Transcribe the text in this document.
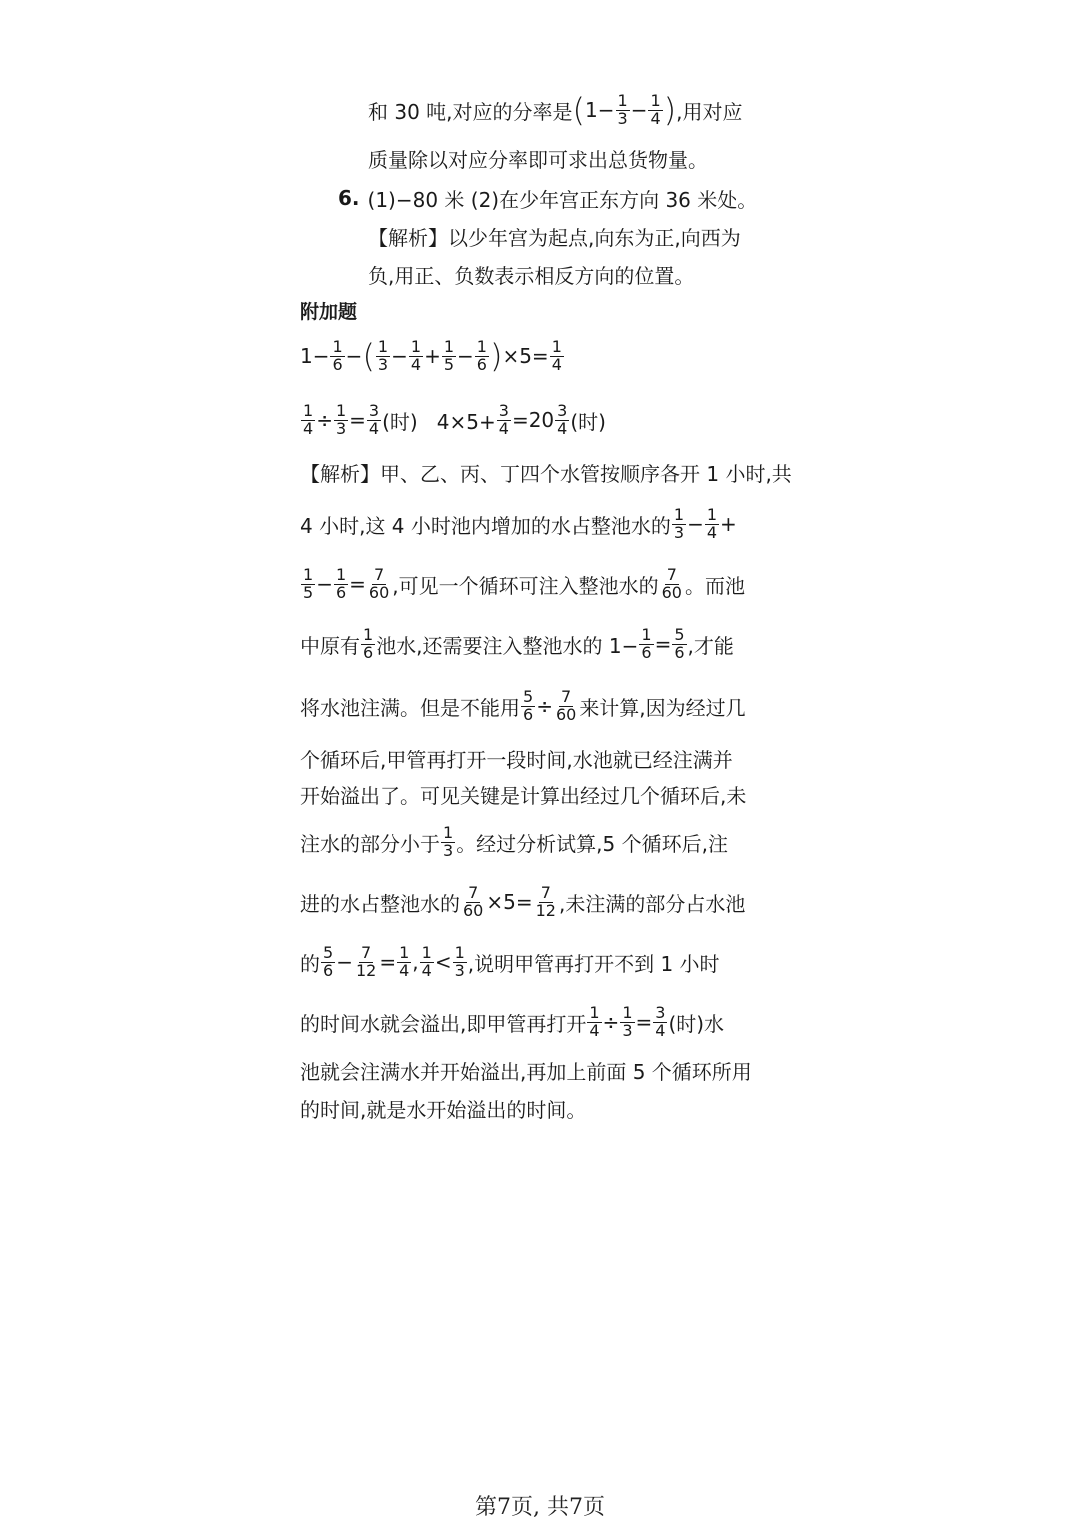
和 30 吨,对应的分率是 ( $1- \frac{1}{3} - \frac{1}{4}$ ) ,用对应
质量除以对应分率即可求出总货物量。
6. (1)−80 米 (2)在少年宫正东方向 36 米处。
【解析】以少年宫为起点,向东为正,向西为
负,用正、负数表示相反方向的位置。
附加题
$1- \frac{1}{6}$ − ( $\frac{1}{3} - \frac{1}{4} + \frac{1}{5} - \frac{1}{6}$ ) $\times 5= \frac{1}{4}$
$\frac{1}{4} \div \frac{1}{3} = \frac{3}{4}$ (时)   $4\times 5+ \frac{3}{4} =20 \frac{3}{4}$ (时)
【解析】甲、乙、丙、丁四个水管按顺序各开 1 小时,共
4 小时,这 4 小时池内增加的水占整池水的 $\frac{1}{3} - \frac{1}{4}$ +
$\frac{1}{5} - \frac{1}{6} = \frac{7}{60}$ ,可见一个循环可注入整池水的 $\frac{7}{60}$ 。而池
中原有 $\frac{1}{6}$ 池水,还需要注入整池水的 $1- \frac{1}{6} = \frac{5}{6}$ ,才能
将水池注满。但是不能用 $\frac{5}{6} \div \frac{7}{60}$ 来计算,因为经过几
个循环后,甲管再打开一段时间,水池就已经注满并
开始溢出了。可见关键是计算出经过几个循环后,未
注水的部分小于 $\frac{1}{3}$ 。经过分析试算,5 个循环后,注
进的水占整池水的 $\frac{7}{60} \times 5= \frac{7}{12}$ ,未注满的部分占水池
的 $\frac{5}{6} - \frac{7}{12} = \frac{1}{4}$ , $\frac{1}{4} < \frac{1}{3}$ ,说明甲管再打开不到 1 小时
的时间水就会溢出,即甲管再打开 $\frac{1}{4} \div \frac{1}{3} = \frac{3}{4}$ (时)水
池就会注满水并开始溢出,再加上前面 5 个循环所用
的时间,就是水开始溢出的时间。
第7页, 共7页
